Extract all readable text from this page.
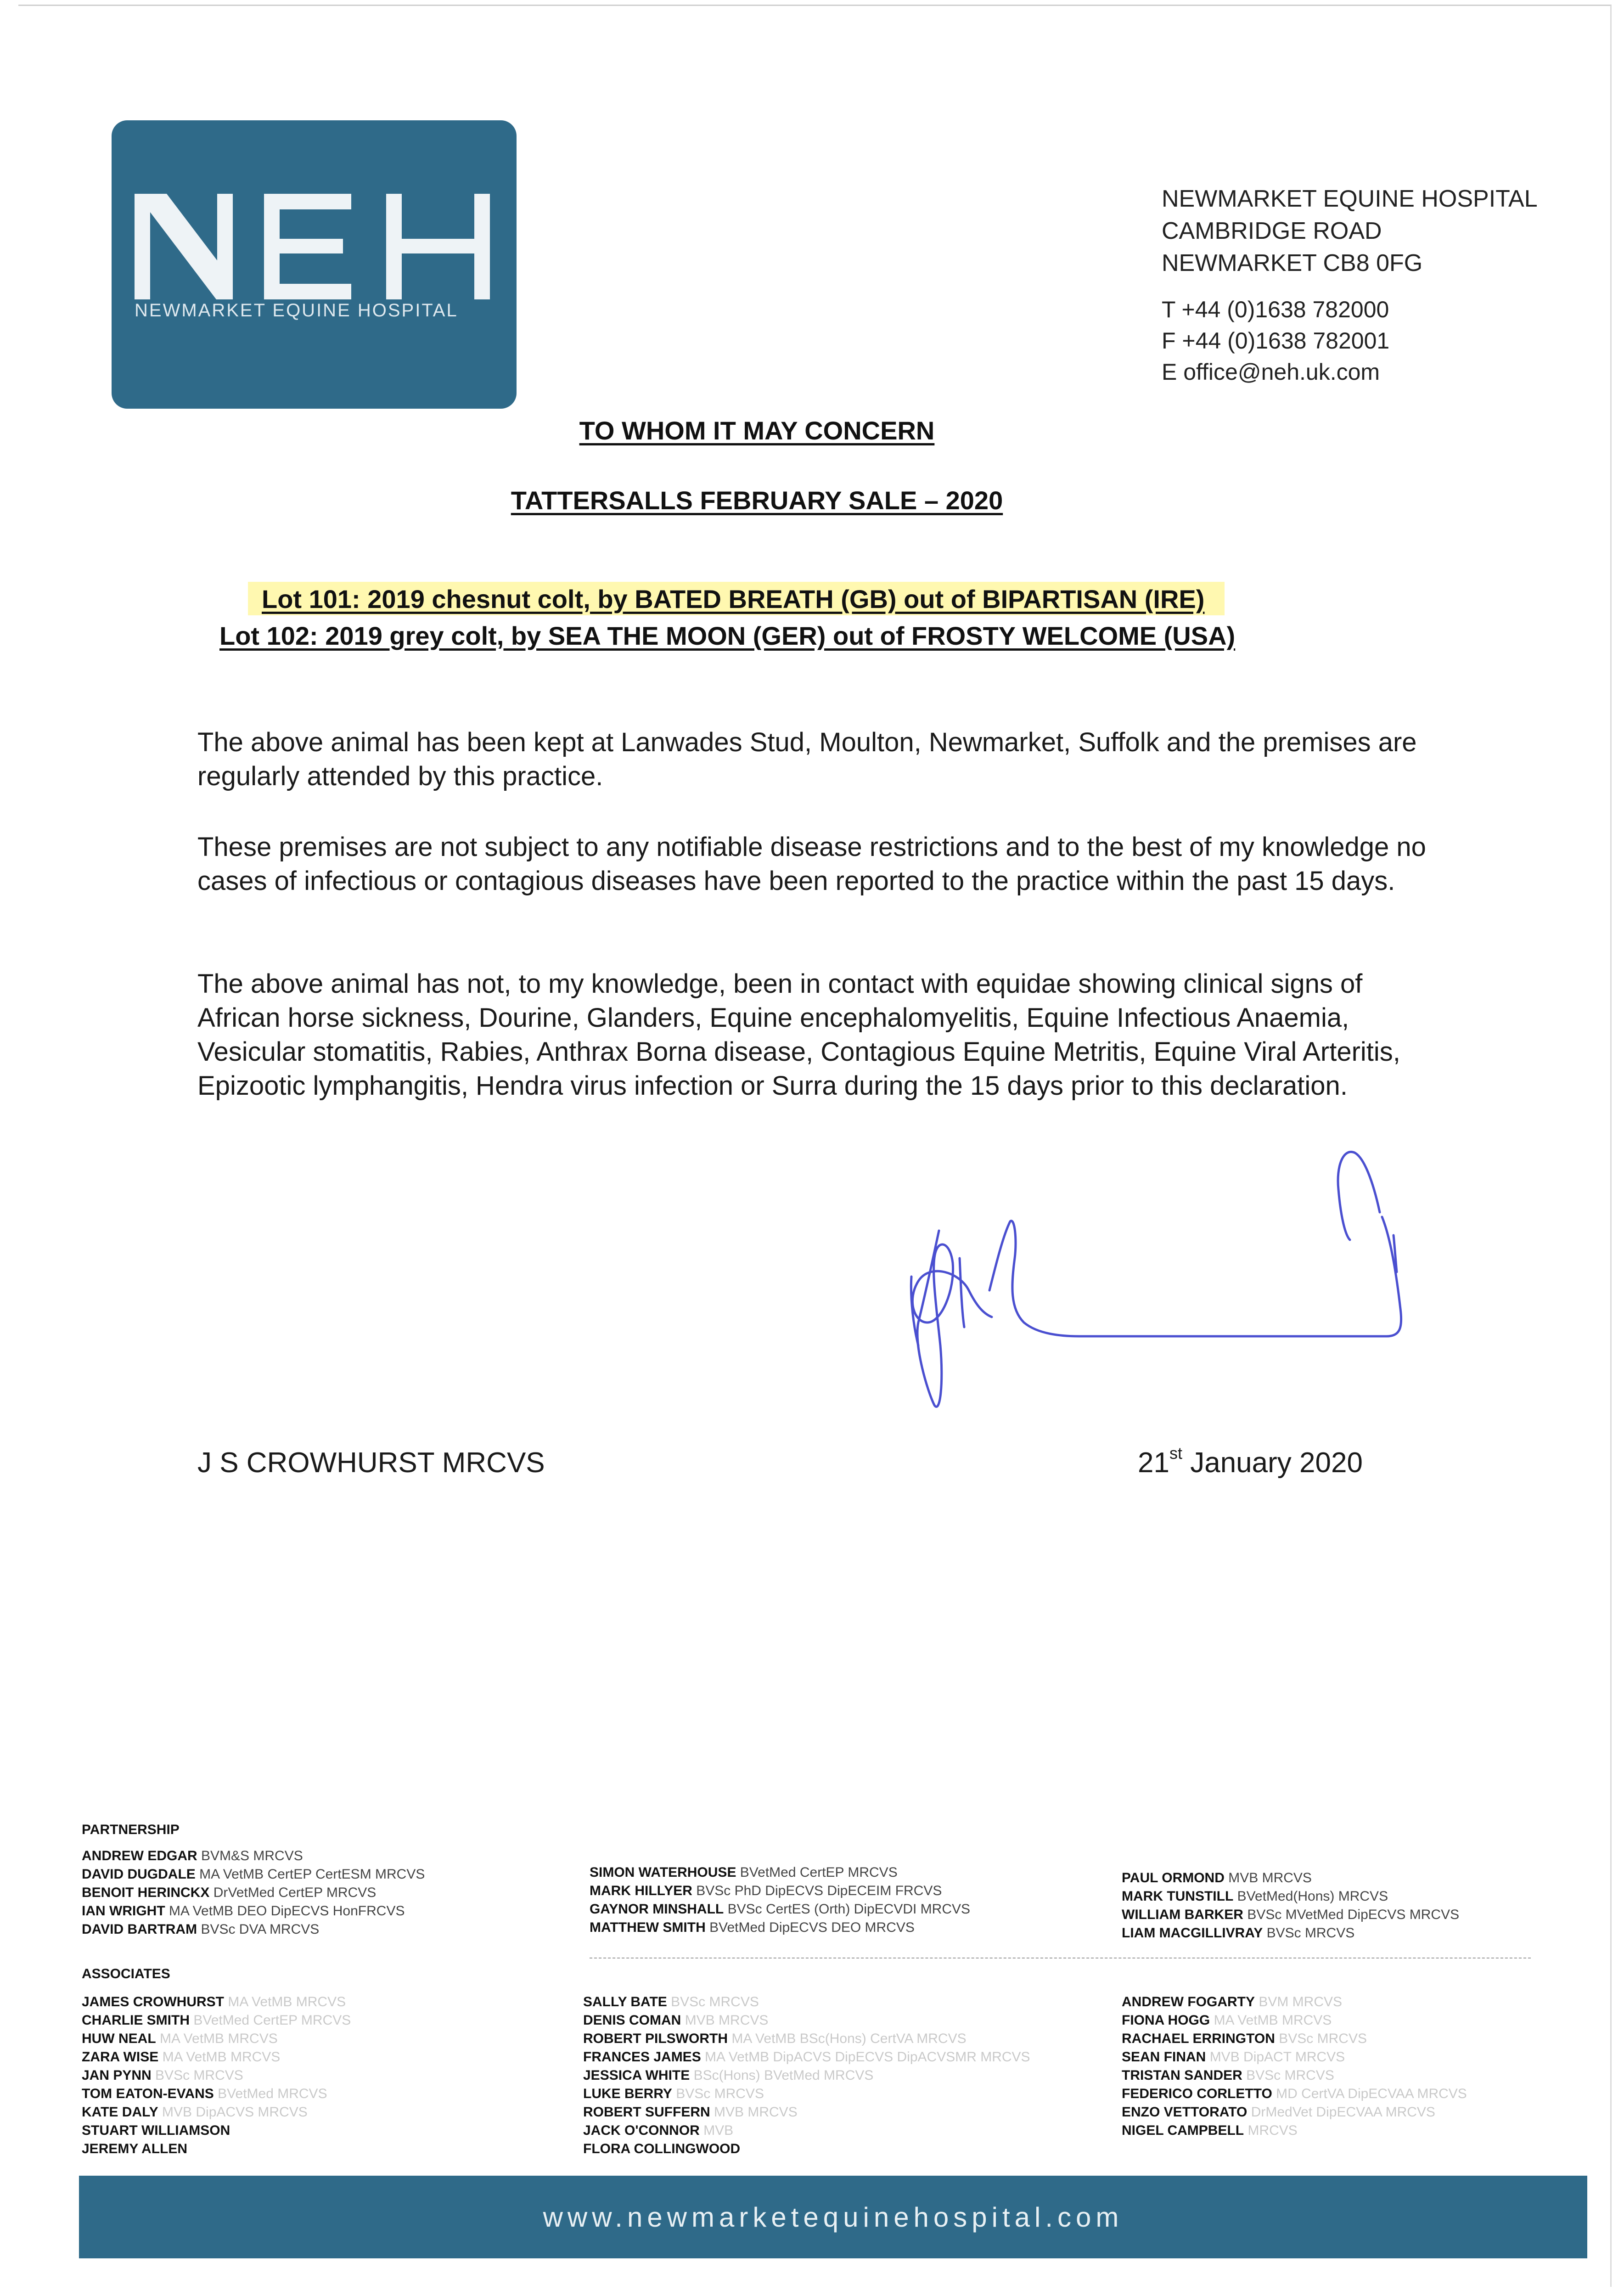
NEWMARKET EQUINE HOSPITAL
NEWMARKET EQUINE HOSPITAL
CAMBRIDGE ROAD
NEWMARKET CB8 0FG
T +44 (0)1638 782000
F +44 (0)1638 782001
E office@neh.uk.com
TO WHOM IT MAY CONCERN
TATTERSALLS FEBRUARY SALE – 2020
Lot 101: 2019 chesnut colt, by BATED BREATH (GB) out of BIPARTISAN (IRE)
Lot 102: 2019 grey colt, by SEA THE MOON (GER) out of FROSTY WELCOME (USA)
The above animal has been kept at Lanwades Stud, Moulton, Newmarket, Suffolk and the premises are regularly attended by this practice.
These premises are not subject to any notifiable disease restrictions and to the best of my knowledge no cases of infectious or contagious diseases have been reported to the practice within the past 15 days.
The above animal has not, to my knowledge, been in contact with equidae showing clinical signs of African horse sickness, Dourine, Glanders, Equine encephalomyelitis, Equine Infectious Anaemia, Vesicular stomatitis, Rabies, Anthrax Borna disease, Contagious Equine Metritis, Equine Viral Arteritis, Epizootic lymphangitis, Hendra virus infection or Surra during the 15 days prior to this declaration.
J S CROWHURST MRCVS	21st January 2020
PARTNERSHIP
ANDREW EDGAR BVM&S MRCVS
DAVID DUGDALE MA VetMB CertEP CertESM MRCVS
BENOIT HERINCKX DrVetMed CertEP MRCVS
IAN WRIGHT MA VetMB DEO DipECVS HonFRCVS
DAVID BARTRAM BVSc DVA MRCVS
SIMON WATERHOUSE BVetMed CertEP MRCVS
MARK HILLYER BVSc PhD DipECVS DipECEIM FRCVS
GAYNOR MINSHALL BVSc CertES (Orth) DipECVDI MRCVS
MATTHEW SMITH BVetMed DipECVS DEO MRCVS
PAUL ORMOND MVB MRCVS
MARK TUNSTILL BVetMed(Hons) MRCVS
WILLIAM BARKER BVSc MVetMed DipECVS MRCVS
LIAM MACGILLIVRAY BVSc MRCVS
ASSOCIATES
JAMES CROWHURST MA VetMB MRCVS
CHARLIE SMITH BVetMed CertEP MRCVS
HUW NEAL MA VetMB MRCVS
ZARA WISE MA VetMB MRCVS
JAN PYNN BVSc MRCVS
TOM EATON-EVANS BVetMed MRCVS
KATE DALY MVB DipACVS MRCVS
STUART WILLIAMSON
JEREMY ALLEN
SALLY BATE BVSc MRCVS
DENIS COMAN MVB MRCVS
ROBERT PILSWORTH MA VetMB BSc(Hons) CertVA MRCVS
FRANCES JAMES MA VetMB DipACVS DipECVS DipACVSMR MRCVS
JESSICA WHITE BSc(Hons) BVetMed MRCVS
LUKE BERRY BVSc MRCVS
ROBERT SUFFERN MVB MRCVS
JACK O'CONNOR MVB
FLORA COLLINGWOOD
ANDREW FOGARTY BVM MRCVS
FIONA HOGG MA VetMB MRCVS
RACHAEL ERRINGTON BVSc MRCVS
SEAN FINAN MVB DipACT MRCVS
TRISTAN SANDER BVSc MRCVS
FEDERICO CORLETTO MD CertVA DipECVAA MRCVS
ENZO VETTORATO DrMedVet DipECVAA MRCVS
NIGEL CAMPBELL MRCVS
www.newmarketequinehospital.com
